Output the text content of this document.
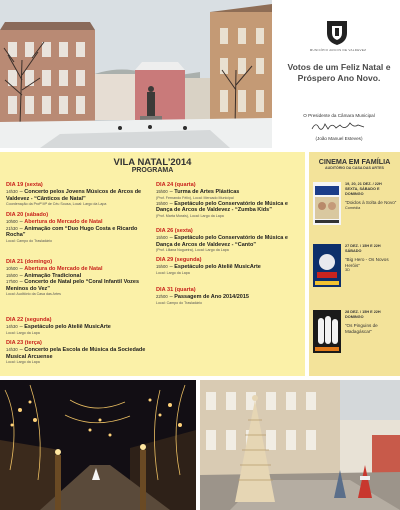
MUNICÍPIO ARCOS DE VALDEVEZ
Votos de um Feliz Natal e Próspero Ano Novo.
O Presidente da Câmara Municipal
(João Manuel Esteves)
VILA NATAL’2014
PROGRAMA
DIA 19 (sexta)
14h30 – Concerto pelos Jovens Músicos de Arcos de Valdevez - “Cânticos de Natal”
Coordenação da Profª Mª de Céu Sousa, Local: Largo da Lapa
DIA 20 (sábado)
10h00 – Abertura do Mercado de Natal
21h30 – Animação com “Duo Hugo Costa e Ricardo Rocha”
Local: Campo do Trasladário
DIA 21 (domingo)
10h00 – Abertura do Mercado de Natal
15h00 – Animação Tradicional
17h00 – Concerto de Natal pelo “Coral Infantil Vozes Meninos do Vez”
Local: Auditório da Casa das Artes
DIA 22 (segunda)
14h30 – Espetáculo pelo Ateliê MusicArte
Local: Largo da Lapa
DIA 23 (terça)
14h30 – Concerto pela Escola de Música da Sociedade Musical Arcuense
Local: Largo da Lapa
DIA 24 (quarta)
15h00 – Turma de Artes Plásticas
(Prof. Fernando Félix), Local: Mercado Municipal
15h00 – Espetáculo pelo Conservatório de Música e Dança de Arcos de Valdevez - “Zumba Kids”
(Prof. Marta Morais), Local: Largo da Lapa
DIA 26 (sexta)
15h00 – Espetáculo pelo Conservatório de Música e Dança de Arcos de Valdevez - “Canto”
(Prof. Liliana Nogueira), Local: Largo da Lapa
DIA 29 (segunda)
15h00 – Espetáculo pelo Ateliê MusicArte
Local: Largo da Lapa
DIA 31 (quarta)
22h00 – Passagem de Ano 2014/2015
Local: Campo do Trasladário
CINEMA EM FAMÍLIA
AUDITÓRIO DA CASA DAS ARTES
19, 20, 21 DEZ. / 22H
SEXTA, SÁBADO E DOMINGO
“Doidos à Solta de Novo”
Comédia
27 DEZ. / 15H E 22H
SÁBADO
“Big Hero - Os Novos Heróis”
3D
28 DEZ. / 15H E 22H
DOMINGO
“Os Pinguins de Madagáscar”
